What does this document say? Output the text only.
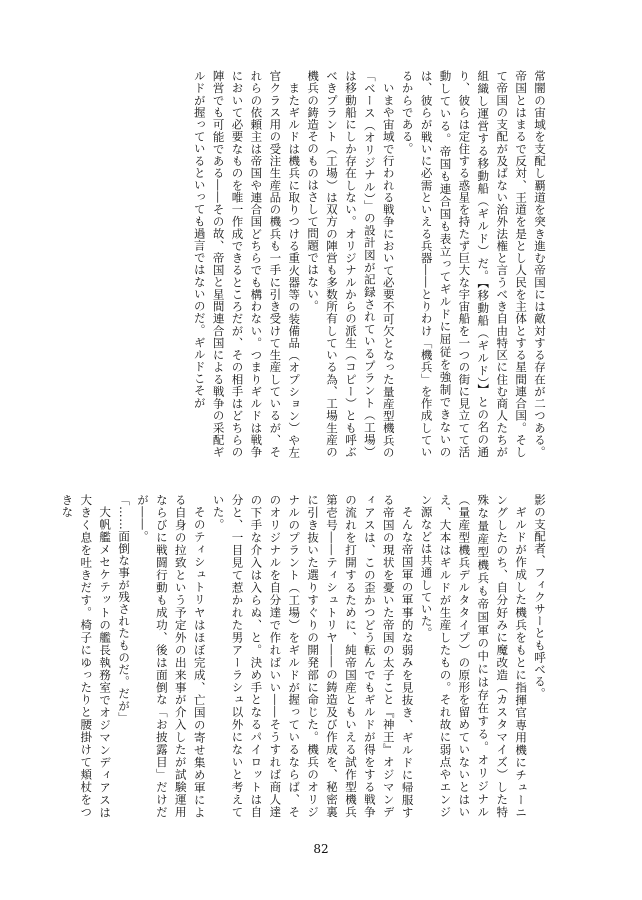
常闇の宙域を支配し覇道を突き進む帝国には敵対する存在が二つある。帝国とはまるで反対、王道を是とし人民を主体とする星間連合国。そして帝国の支配が及ばない治外法権と言うべき自由特区に住む商人たちが組織し運営する移動船（ギルド）だ。【移動船（ギルド）】との名の通り、彼らは定住する惑星を持たず巨大な宇宙船を一つの街に見立てて活動している。帝国も連合国も表立ってギルドに屈従を強制できないのは、彼らが戦いに必需といえる兵器――とりわけ「機兵」を作成しているからである。

いまや宙域で行われる戦争において必要不可欠となった量産型機兵の「ベース（オリジナル）」の設計図が記録されているプラント（工場）は移動船にしか存在しない。オリジナルからの派生（コピー）とも呼ぶべきプラント（工場）は双方の陣営も多数所有している為、工場生産の機兵の鋳造そのものはさして問題ではない。

またギルドは機兵に取りつける重火器等の装備品（オプション）や左官クラス用の受注生産品の機兵も一手に引き受けて生産しているが、それらの依頼主は帝国や連合国どちらでも構わない。つまりギルドは戦争において必要なものを唯一作成できるところだが、その相手はどちらの陣営でも可能である――その故、帝国と星間連合国による戦争の采配ギルドが握っているといっても過言ではないのだ。ギルドこそが

影の支配者、フィクサーとも呼べる。

ギルドが作成した機兵をもとに指揮官専用機にチューニングしたのち、自分好みに魔改造（カスタマイズ）した特殊な量産型機兵も帝国軍の中には存在する。オリジナル（量産型機兵デルタタイプ）の原形を留めていないとはいえ、大本はギルドが生産したもの。それ故に弱点やエンジン源などは共通していた。

そんな帝国軍の軍事的な弱みを見抜き、ギルドに帰服する帝国の現状を憂いた帝国の太子こと『神王』オジマンディアスは、この歪かつどう転んでもギルドが得をする戦争の流れを打開するために、純帝国産ともいえる試作型機兵第壱号――ティシュトリヤ――の鋳造及び作成を、秘密裏に引き抜いた選りすぐりの開発部に命じた。機兵のオリジナルのプラント（工場）をギルドが握っているならば、そのオリジナルを自分達で作ればいい――そうすれば商人達の下手な介入は入らぬ、と。決め手となるパイロットは自分と、一目見て惹かれた男アーラシュ以外にないと考えていた。

そのティシュトリヤはほぼ完成、亡国の寄せ集め軍による自身の拉致という予定外の出来事が介入したが試験運用ならびに戦闘行動も成功、後は面倒な「お披露目」だけだが――。

「……面倒な事が残されたものだ。だが」

大帆艦メセケテットの艦長執務室でオジマンディアスは大きく息を吐きだす。椅子にゆったりと腰掛けて頬杖をつきな

82
